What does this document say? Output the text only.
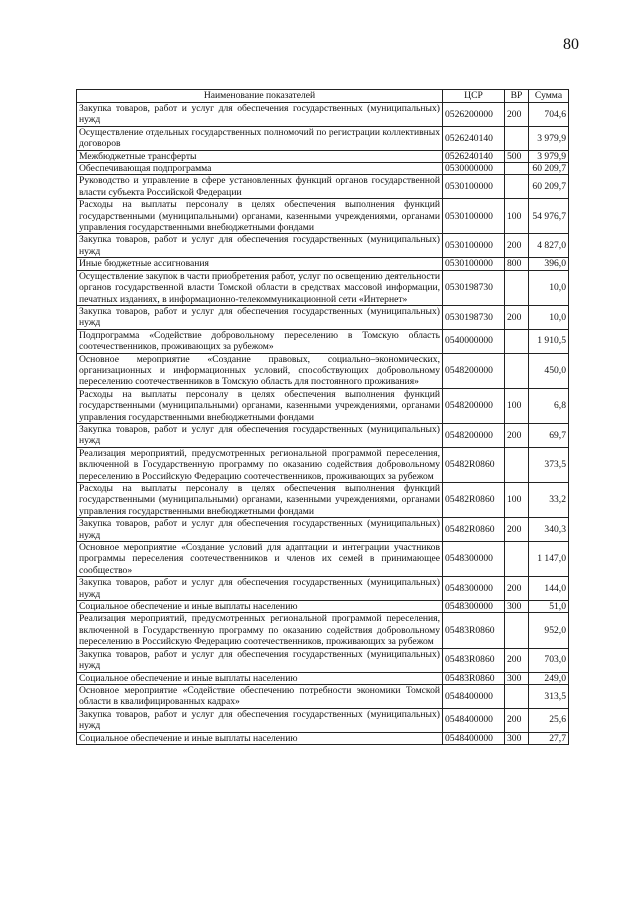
80
Наименование показателей	ЦСР	ВР	Сумма
Закупка товаров, работ и услуг для обеспечения государственных (муниципальных) нужд	0526200000	200	704,6
Осуществление отдельных государственных полномочий по регистрации коллективных договоров	0526240140		3 979,9
Межбюджетные трансферты	0526240140	500	3 979,9
Обеспечивающая подпрограмма	0530000000		60 209,7
Руководство и управление в сфере установленных функций органов государственной власти субъекта Российской Федерации	0530100000		60 209,7
Расходы на выплаты персоналу в целях обеспечения выполнения функций государственными (муниципальными) органами, казенными учреждениями, органами управления государственными внебюджетными фондами	0530100000	100	54 976,7
Закупка товаров, работ и услуг для обеспечения государственных (муниципальных) нужд	0530100000	200	4 827,0
Иные бюджетные ассигнования	0530100000	800	396,0
Осуществление закупок в части приобретения работ, услуг по освещению деятельности органов государственной власти Томской области в средствах массовой информации, печатных изданиях, в информационно-телекоммуникационной сети «Интернет»	0530198730		10,0
Закупка товаров, работ и услуг для обеспечения государственных (муниципальных) нужд	0530198730	200	10,0
Подпрограмма «Содействие добровольному переселению в Томскую область соотечественников, проживающих за рубежом»	0540000000		1 910,5
Основное мероприятие «Создание правовых, социально–экономических, организационных и информационных условий, способствующих добровольному переселению соотечественников в Томскую область для постоянного проживания»	0548200000		450,0
Расходы на выплаты персоналу в целях обеспечения выполнения функций государственными (муниципальными) органами, казенными учреждениями, органами управления государственными внебюджетными фондами	0548200000	100	6,8
Закупка товаров, работ и услуг для обеспечения государственных (муниципальных) нужд	0548200000	200	69,7
Реализация мероприятий, предусмотренных региональной программой переселения, включенной в Государственную программу по оказанию содействия добровольному переселению в Российскую Федерацию соотечественников, проживающих за рубежом	05482R0860		373,5
Расходы на выплаты персоналу в целях обеспечения выполнения функций государственными (муниципальными) органами, казенными учреждениями, органами управления государственными внебюджетными фондами	05482R0860	100	33,2
Закупка товаров, работ и услуг для обеспечения государственных (муниципальных) нужд	05482R0860	200	340,3
Основное мероприятие «Создание условий для адаптации и интеграции участников программы переселения соотечественников и членов их семей в принимающее сообщество»	0548300000		1 147,0
Закупка товаров, работ и услуг для обеспечения государственных (муниципальных) нужд	0548300000	200	144,0
Социальное обеспечение и иные выплаты населению	0548300000	300	51,0
Реализация мероприятий, предусмотренных региональной программой переселения, включенной в Государственную программу по оказанию содействия добровольному переселению в Российскую Федерацию соотечественников, проживающих за рубежом	05483R0860		952,0
Закупка товаров, работ и услуг для обеспечения государственных (муниципальных) нужд	05483R0860	200	703,0
Социальное обеспечение и иные выплаты населению	05483R0860	300	249,0
Основное мероприятие «Содействие обеспечению потребности экономики Томской области в квалифицированных кадрах»	0548400000		313,5
Закупка товаров, работ и услуг для обеспечения государственных (муниципальных) нужд	0548400000	200	25,6
Социальное обеспечение и иные выплаты населению	0548400000	300	27,7
